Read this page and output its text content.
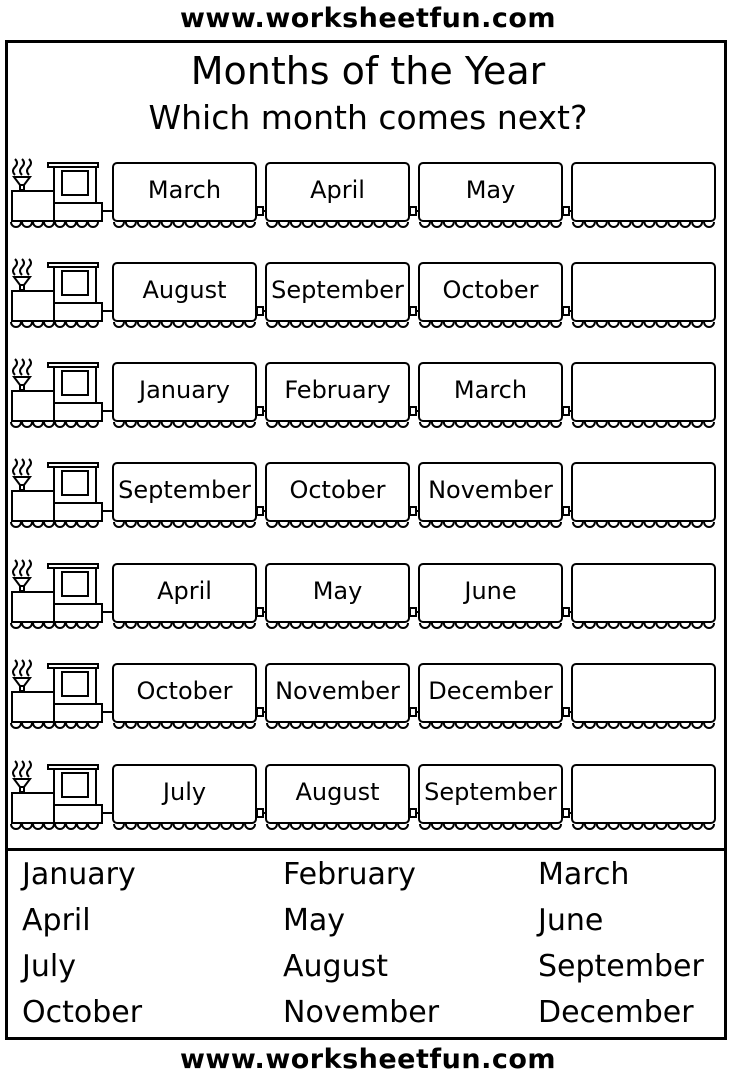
www.worksheetfun.com
Months of the Year
Which month comes next?
March	April	May
August	September	October
January	February	March
September	October	November
April	May	June
October	November	December
July	August	September
January	February	March
April	May	June
July	August	September
October	November	December
www.worksheetfun.com
